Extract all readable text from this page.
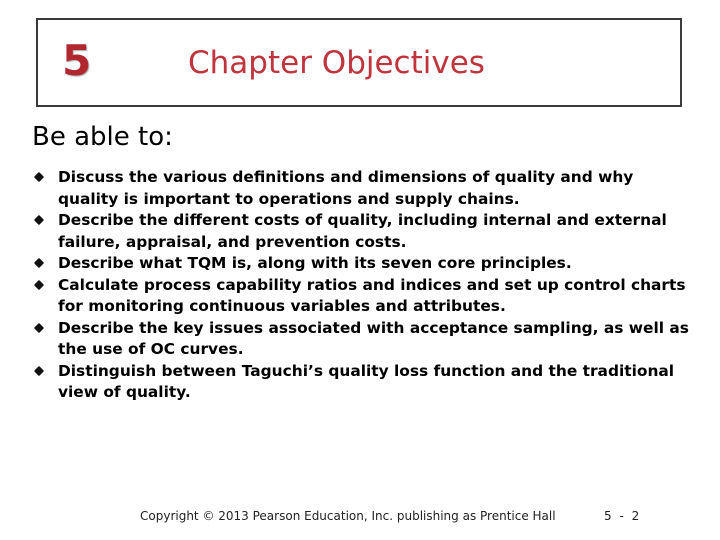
5	Chapter Objectives
Be able to:
Discuss the various definitions and dimensions of quality and why quality is important to operations and supply chains.
Describe the different costs of quality, including internal and external failure, appraisal, and prevention costs.
Describe what TQM is, along with its seven core principles.
Calculate process capability ratios and indices and set up control charts for monitoring continuous variables and attributes.
Describe the key issues associated with acceptance sampling, as well as the use of OC curves.
Distinguish between Taguchi’s quality loss function and the traditional view of quality.
Copyright © 2013 Pearson Education, Inc. publishing as Prentice Hall	5 - 2
